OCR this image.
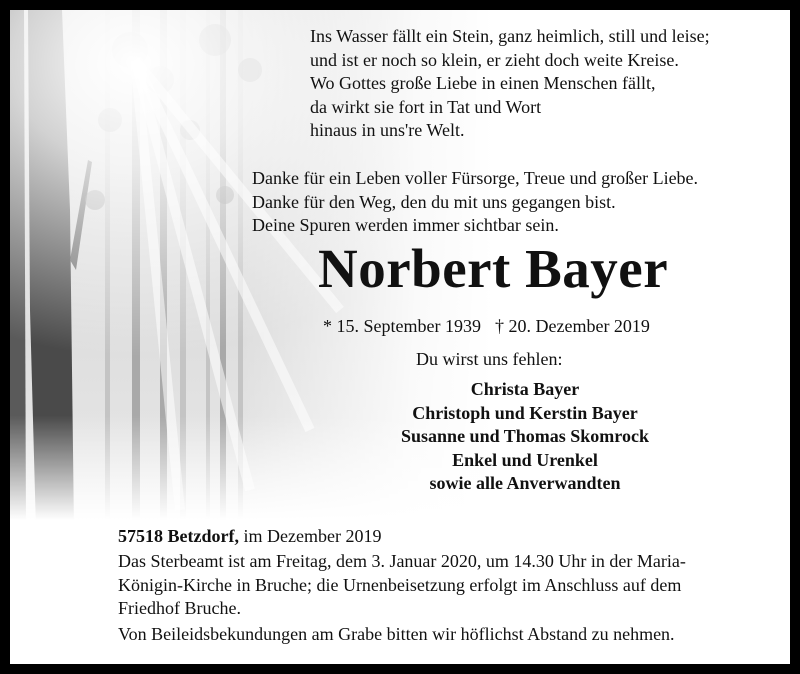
Ins Wasser fällt ein Stein, ganz heimlich, still und leise;
und ist er noch so klein, er zieht doch weite Kreise.
Wo Gottes große Liebe in einen Menschen fällt,
da wirkt sie fort in Tat und Wort
hinaus in uns're Welt.
Danke für ein Leben voller Fürsorge, Treue und großer Liebe.
Danke für den Weg, den du mit uns gegangen bist.
Deine Spuren werden immer sichtbar sein.
Norbert Bayer
* 15. September 1939 † 20. Dezember 2019
Du wirst uns fehlen:
Christa Bayer
Christoph und Kerstin Bayer
Susanne und Thomas Skomrock
Enkel und Urenkel
sowie alle Anverwandten
57518 Betzdorf, im Dezember 2019
Das Sterbeamt ist am Freitag, dem 3. Januar 2020, um 14.30 Uhr in der Maria-
Königin-Kirche in Bruche; die Urnenbeisetzung erfolgt im Anschluss auf dem
Friedhof Bruche.
Von Beileidsbekundungen am Grabe bitten wir höflichst Abstand zu nehmen.
